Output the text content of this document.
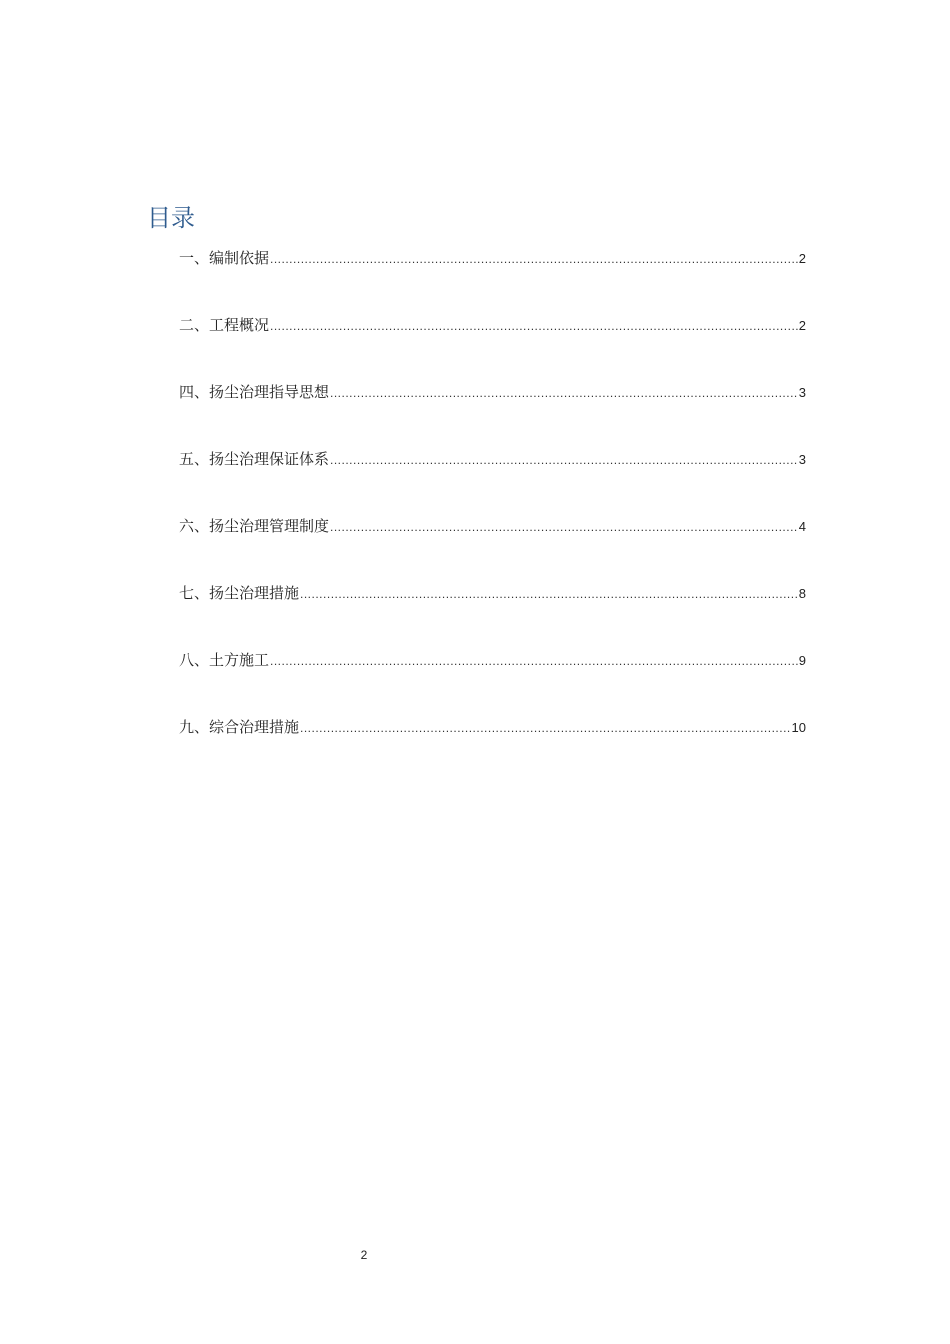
目录
一、编制依据 .....	2
二、工程概况 .....	2
四、扬尘治理指导思想 .....	3
五、扬尘治理保证体系 .....	3
六、扬尘治理管理制度 .....	4
七、扬尘治理措施 .....	8
八、土方施工 .....	9
九、综合治理措施 .....	10
2
